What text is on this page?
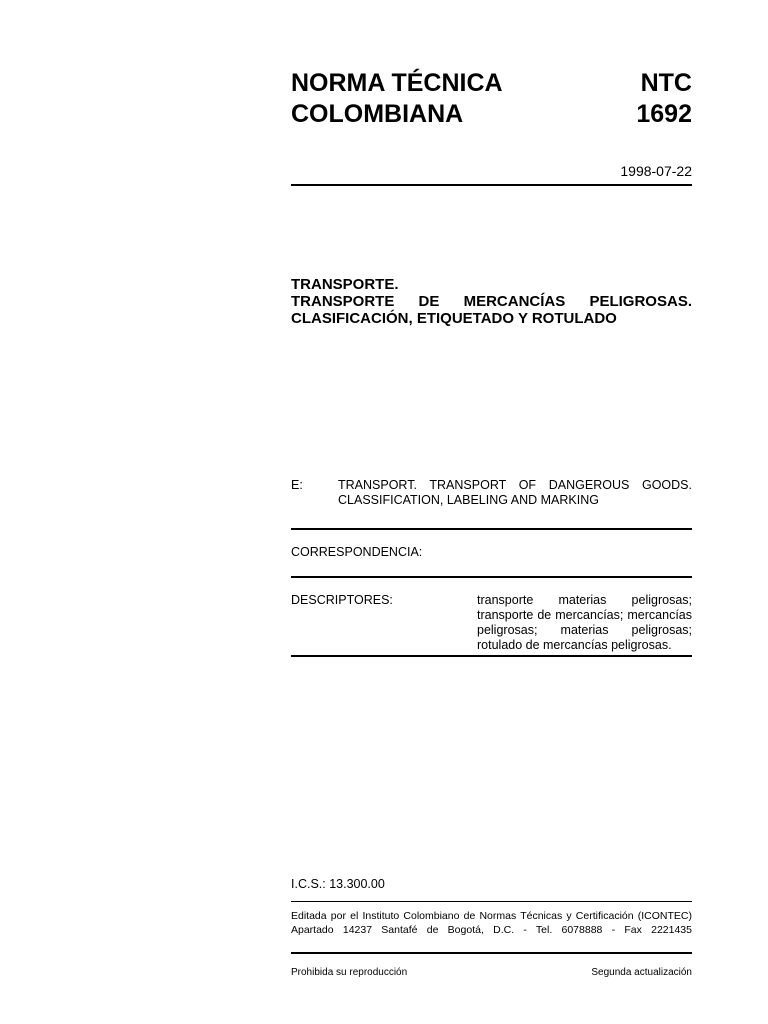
NORMA TÉCNICA
COLOMBIANA
NTC
1692
1998-07-22
TRANSPORTE.
TRANSPORTE DE MERCANCÍAS PELIGROSAS.
CLASIFICACIÓN, ETIQUETADO Y ROTULADO
E:	TRANSPORT. TRANSPORT OF DANGEROUS GOODS.
CLASSIFICATION, LABELING AND MARKING
CORRESPONDENCIA:
DESCRIPTORES:	transporte materias peligrosas;
transporte de mercancías; mercancías
peligrosas; materias peligrosas;
rotulado de mercancías peligrosas.
I.C.S.: 13.300.00
Editada por el Instituto Colombiano de Normas Técnicas y Certificación (ICONTEC)
Apartado 14237 Santafé de Bogotá, D.C. - Tel. 6078888 - Fax 2221435
Prohibida su reproducción	Segunda actualización
